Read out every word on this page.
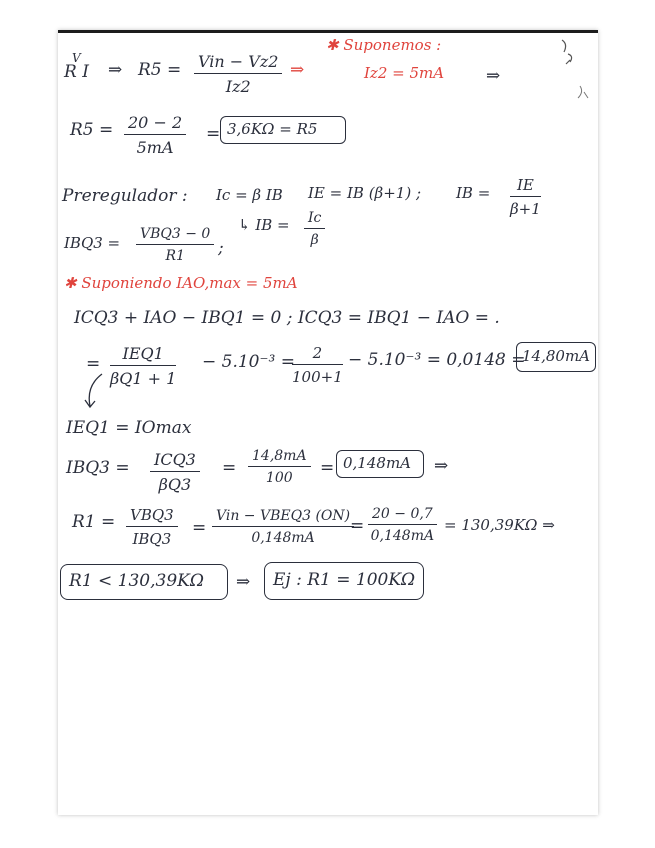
V
R I ⇒ R5 = Vin − Vz2
Iz2
⇒
✱ Suponemos :
Iz2 = 5mA ⇒
$R5 = \frac{20 - 2}{5mA} = 3,6K\Omega = R5$
Preregulador : Ic = β IB IE = IB (β+1) ; IB = $\frac{IE}{\beta+1}$
↳ IB = $\frac{Ic}{\beta}$
IBQ3 = VBQ3 − 0
R1	;
✱ Suponiendo IAO,max = 5mA
ICQ3 + IAO − IBQ1 = 0 ; ICQ3 = IBQ1 − IAO = .
=
IEQ1
βQ1 + 1
− 5.10⁻³ =
$\frac{2}{100+1} - 5.10^{-3} = 0,0148$ =
14,80mA
IEQ1 = IOmax
IBQ3 = ICQ3
βQ3
= $\frac{14,8mA}{100} = 0,148mA$ ⇒
R1 = VBQ3
IBQ3
=
Vin − VBEQ3 (ON)
0,148mA
= $\frac{20 - 0,7}{0,148mA} = 130,39K\Omega$ ⇒
R1 < 130,39KΩ ⇒ Ej : R1 = 100KΩ
